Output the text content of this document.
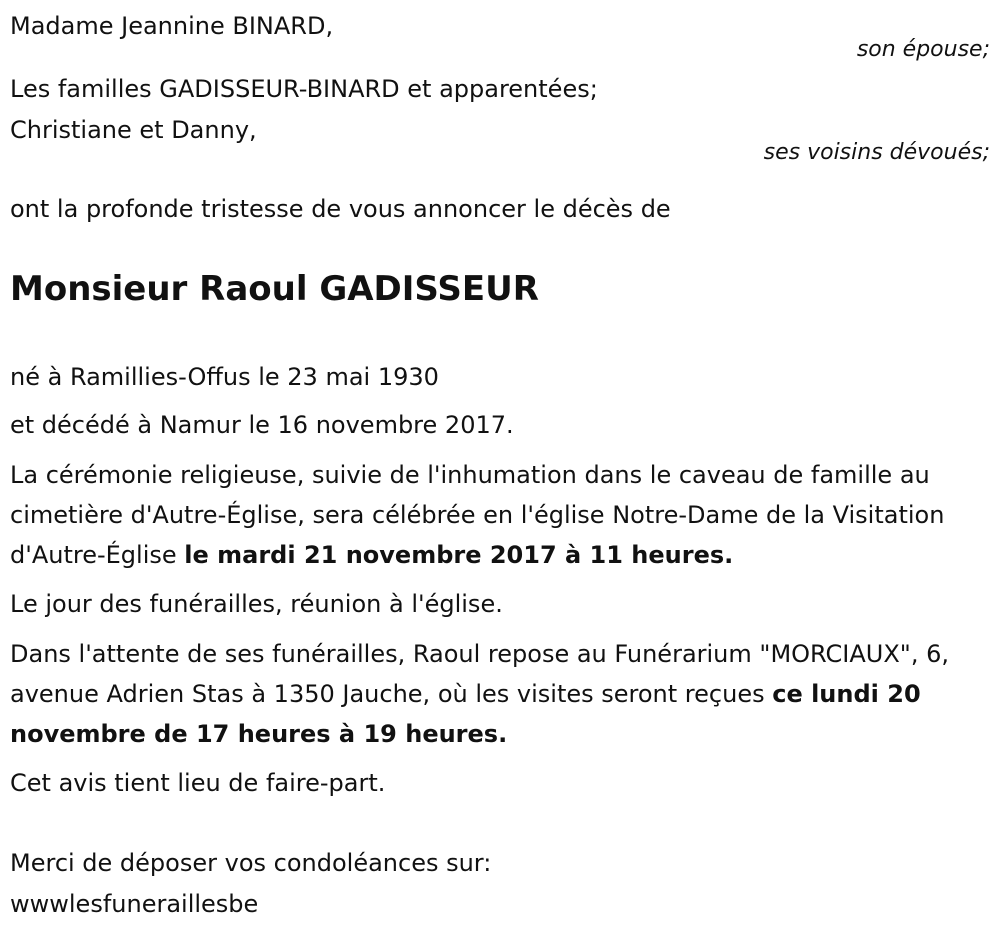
Madame Jeannine BINARD,
son épouse;
Les familles GADISSEUR-BINARD et apparentées;
Christiane et Danny,
ses voisins dévoués;
ont la profonde tristesse de vous annoncer le décès de
Monsieur Raoul GADISSEUR
né à Ramillies-Offus le 23 mai 1930
et décédé à Namur le 16 novembre 2017.
La cérémonie religieuse, suivie de l'inhumation dans le caveau de famille au cimetière d'Autre-Église, sera célébrée en l'église Notre-Dame de la Visitation d'Autre-Église le mardi 21 novembre 2017 à 11 heures.
Le jour des funérailles, réunion à l'église.
Dans l'attente de ses funérailles, Raoul repose au Funérarium "MORCIAUX", 6, avenue Adrien Stas à 1350 Jauche, où les visites seront reçues ce lundi 20 novembre de 17 heures à 19 heures.
Cet avis tient lieu de faire-part.
Merci de déposer vos condoléances sur:
wwwlesfuneraillesbe
